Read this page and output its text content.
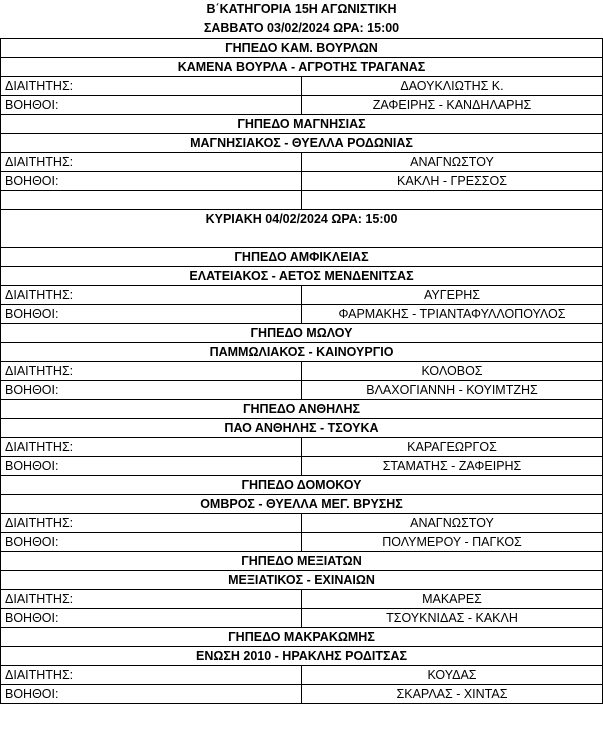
Β΄ΚΑΤΗΓΟΡΙΑ 15Η ΑΓΩΝΙΣΤΙΚΗ
ΣΑΒΒΑΤΟ 03/02/2024 ΩΡΑ: 15:00
ΓΗΠΕΔΟ ΚΑΜ. ΒΟΥΡΛΩΝ	
ΚΑΜΕΝΑ ΒΟΥΡΛΑ - ΑΓΡΟΤΗΣ ΤΡΑΓΑΝΑΣ	
ΔΙΑΙΤΗΤΗΣ:	ΔΑΟΥΚΛΙΩΤΗΣ Κ.
ΒΟΗΘΟΙ:	ΖΑΦΕΙΡΗΣ - ΚΑΝΔΗΛΑΡΗΣ
ΓΗΠΕΔΟ ΜΑΓΝΗΣΙΑΣ	
ΜΑΓΝΗΣΙΑΚΟΣ - ΘΥΕΛΛΑ ΡΟΔΩΝΙΑΣ	
ΔΙΑΙΤΗΤΗΣ:	ΑΝΑΓΝΩΣΤΟΥ
ΒΟΗΘΟΙ:	ΚΑΚΛΗ - ΓΡΕΣΣΟΣ

ΚΥΡΙΑΚΗ 04/02/2024 ΩΡΑ: 15:00	

ΓΗΠΕΔΟ ΑΜΦΙΚΛΕΙΑΣ	
ΕΛΑΤΕΙΑΚΟΣ - ΑΕΤΟΣ ΜΕΝΔΕΝΙΤΣΑΣ	
ΔΙΑΙΤΗΤΗΣ:	ΑΥΓΕΡΗΣ
ΒΟΗΘΟΙ:	ΦΑΡΜΑΚΗΣ - ΤΡΙΑΝΤΑΦΥΛΛΟΠΟΥΛΟΣ
ΓΗΠΕΔΟ ΜΩΛΟΥ	
ΠΑΜΜΩΛΙΑΚΟΣ - ΚΑΙΝΟΥΡΓΙΟ	
ΔΙΑΙΤΗΤΗΣ:	ΚΟΛΟΒΟΣ
ΒΟΗΘΟΙ:	ΒΛΑΧΟΓΙΑΝΝΗ - ΚΟΥΙΜΤΖΗΣ
ΓΗΠΕΔΟ ΑΝΘΗΛΗΣ	
ΠΑΟ ΑΝΘΗΛΗΣ - ΤΣΟΥΚΑ	
ΔΙΑΙΤΗΤΗΣ:	ΚΑΡΑΓΕΩΡΓΟΣ
ΒΟΗΘΟΙ:	ΣΤΑΜΑΤΗΣ - ΖΑΦΕΙΡΗΣ
ΓΗΠΕΔΟ ΔΟΜΟΚΟΥ	
ΟΜΒΡΟΣ - ΘΥΕΛΛΑ ΜΕΓ. ΒΡΥΣΗΣ	
ΔΙΑΙΤΗΤΗΣ:	ΑΝΑΓΝΩΣΤΟΥ
ΒΟΗΘΟΙ:	ΠΟΛΥΜΕΡΟΥ - ΠΑΓΚΟΣ
ΓΗΠΕΔΟ ΜΕΞΙΑΤΩΝ	
ΜΕΞΙΑΤΙΚΟΣ - ΕΧΙΝΑΙΩΝ	
ΔΙΑΙΤΗΤΗΣ:	ΜΑΚΑΡΕΣ
ΒΟΗΘΟΙ:	ΤΣΟΥΚΝΙΔΑΣ - ΚΑΚΛΗ
ΓΗΠΕΔΟ ΜΑΚΡΑΚΩΜΗΣ	
ΕΝΩΣΗ 2010 - ΗΡΑΚΛΗΣ ΡΟΔΙΤΣΑΣ	
ΔΙΑΙΤΗΤΗΣ:	ΚΟΥΔΑΣ
ΒΟΗΘΟΙ:	ΣΚΑΡΛΑΣ - ΧΙΝΤΑΣ
